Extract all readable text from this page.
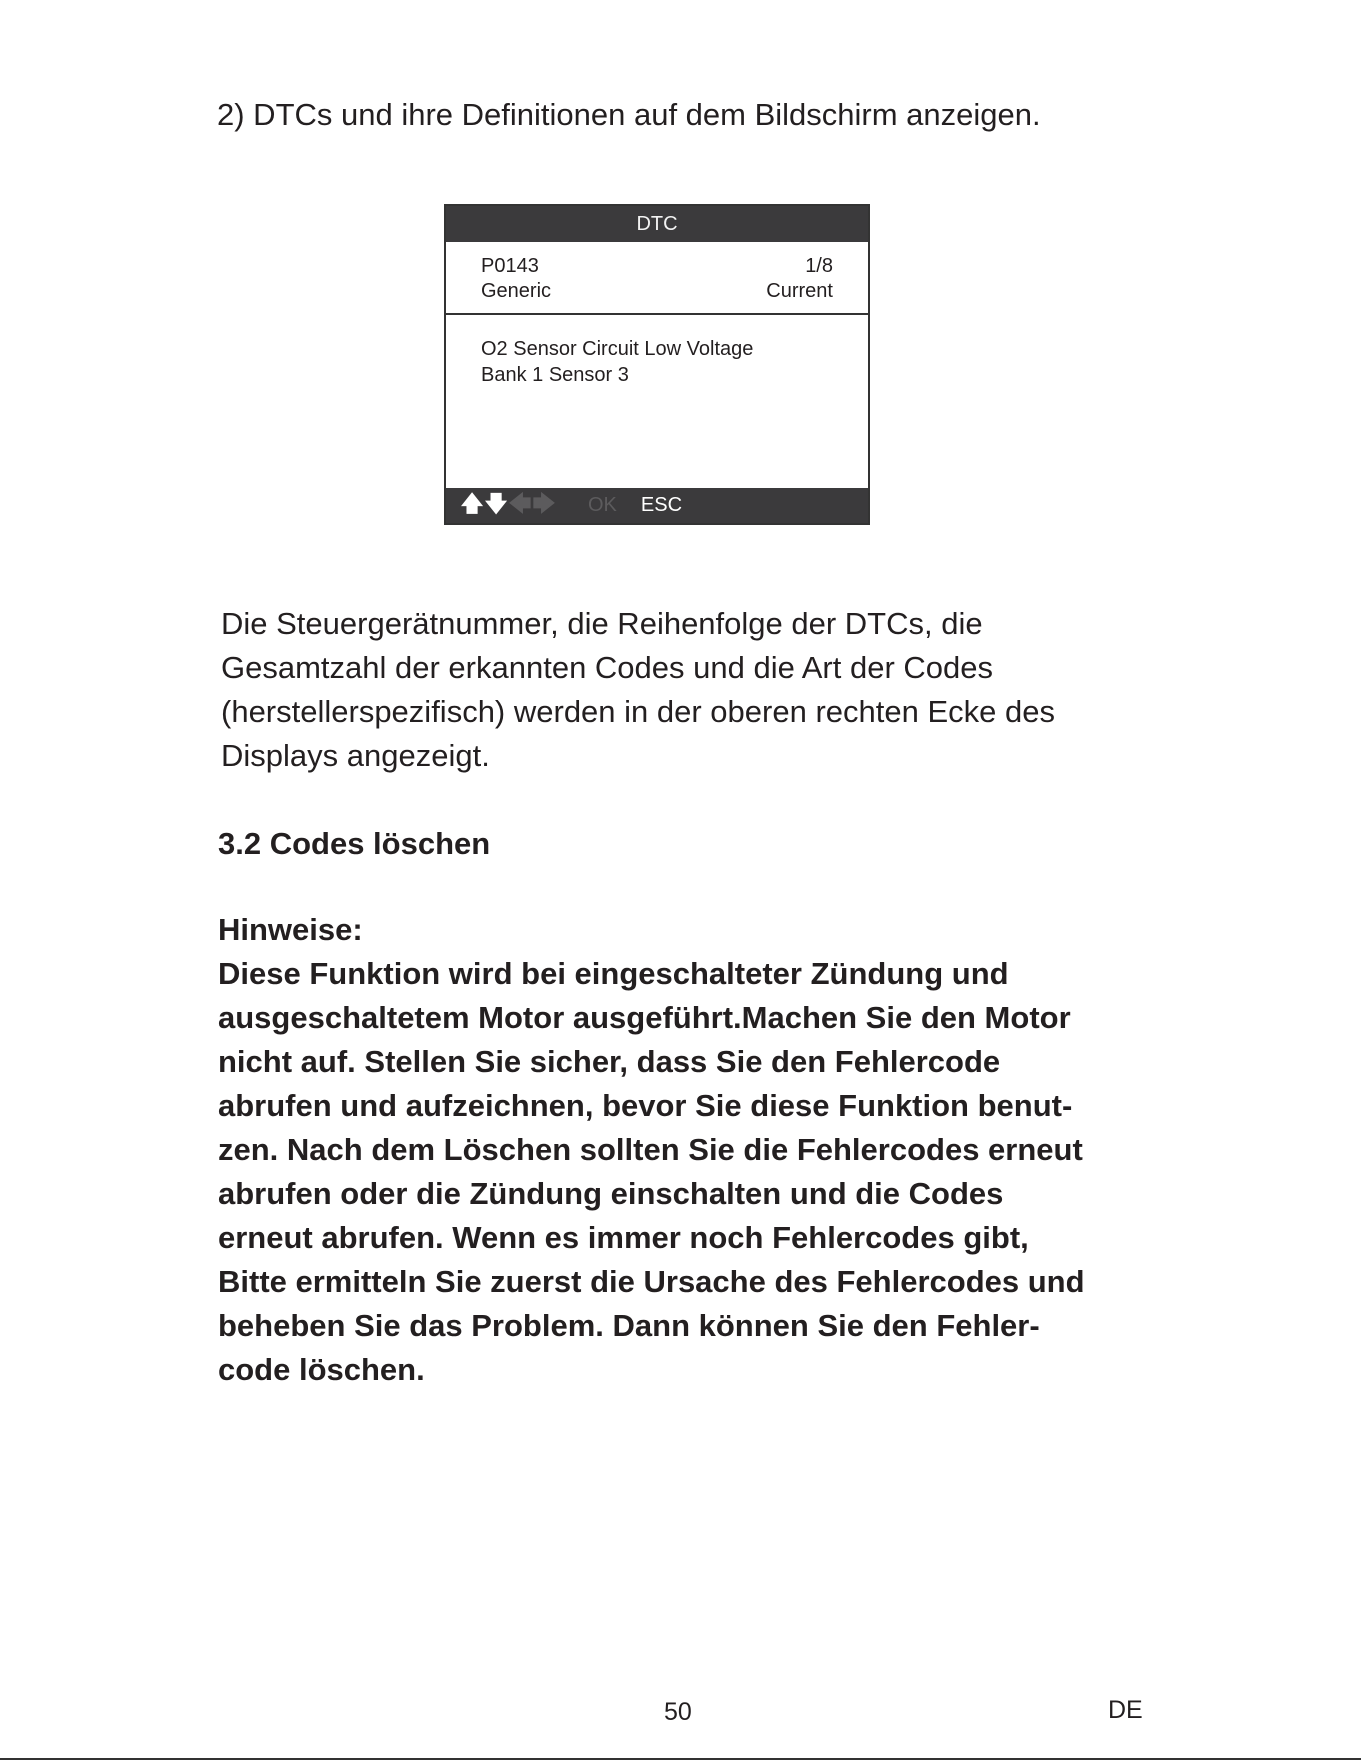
2) DTCs und ihre Definitionen auf dem Bildschirm anzeigen.
DTC
P0143	1/8
Generic	Current
O2 Sensor Circuit Low Voltage
Bank 1 Sensor 3
🡅 🡇 🡄 🡆 OK ESC

Die Steuergerätnummer, die Reihenfolge der DTCs, die
Gesamtzahl der erkannten Codes und die Art der Codes
(herstellerspezifisch) werden in der oberen rechten Ecke des
Displays angezeigt.

3.2 Codes löschen

Hinweise:

Diese Funktion wird bei eingeschalteter Zündung und
ausgeschaltetem Motor ausgeführt.Machen Sie den Motor
nicht auf. Stellen Sie sicher, dass Sie den Fehlercode
abrufen und aufzeichnen, bevor Sie diese Funktion benut-
zen. Nach dem Löschen sollten Sie die Fehlercodes erneut
abrufen oder die Zündung einschalten und die Codes
erneut abrufen. Wenn es immer noch Fehlercodes gibt,
Bitte ermitteln Sie zuerst die Ursache des Fehlercodes und
beheben Sie das Problem. Dann können Sie den Fehler-
code löschen.

50	DE
